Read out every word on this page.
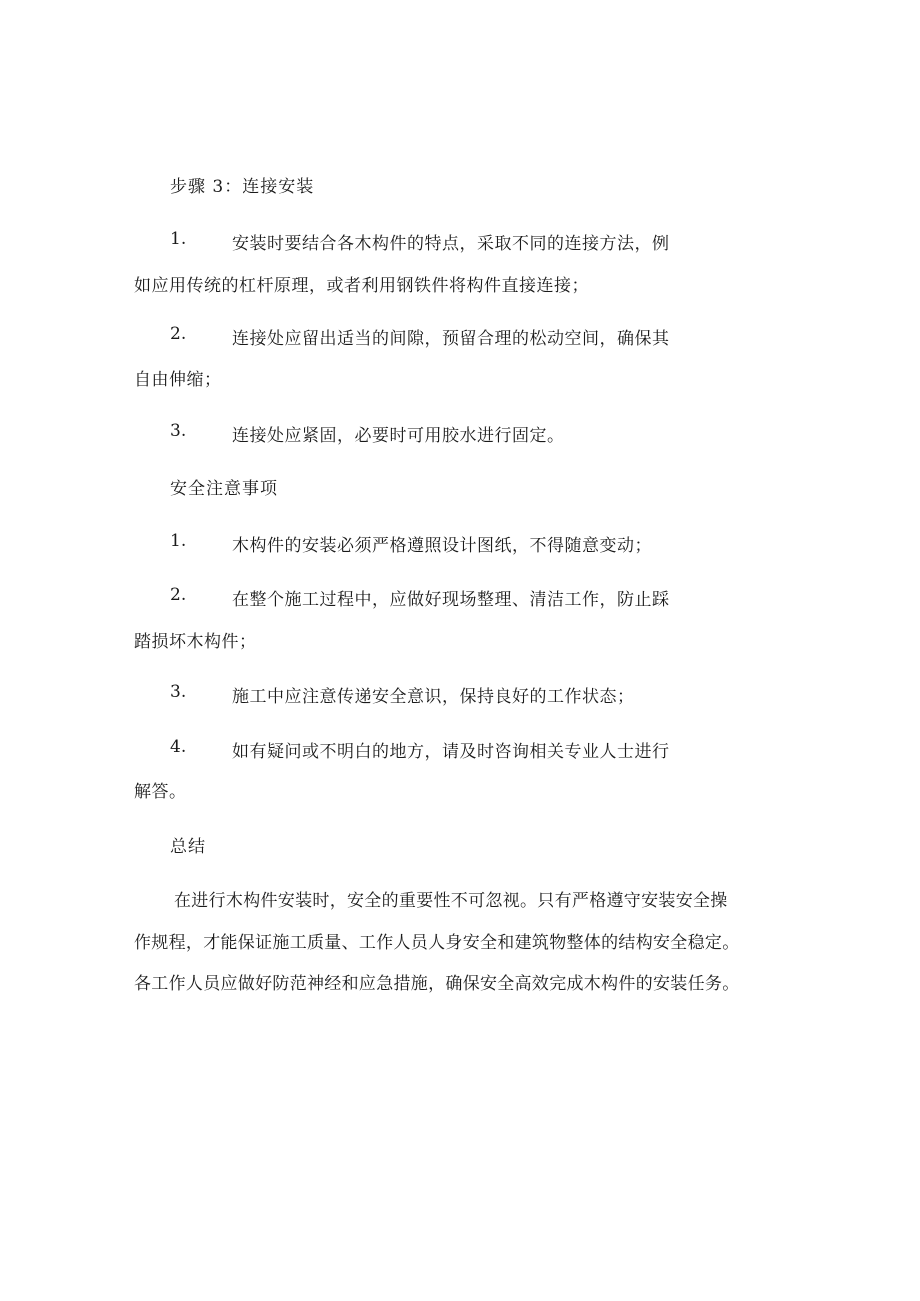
步骤 3：连接安装
1.	安装时要结合各木构件的特点，采取不同的连接方法，例
如应用传统的杠杆原理，或者利用钢铁件将构件直接连接；
2.	连接处应留出适当的间隙，预留合理的松动空间，确保其
自由伸缩；
3.	连接处应紧固，必要时可用胶水进行固定。
安全注意事项
1.	木构件的安装必须严格遵照设计图纸，不得随意变动；
2.	在整个施工过程中，应做好现场整理、清洁工作，防止踩
踏损坏木构件；
3.	施工中应注意传递安全意识，保持良好的工作状态；
4.	如有疑问或不明白的地方，请及时咨询相关专业人士进行
解答。
总结
在进行木构件安装时，安全的重要性不可忽视。只有严格遵守安装安全操
作规程，才能保证施工质量、工作人员人身安全和建筑物整体的结构安全稳定。
各工作人员应做好防范神经和应急措施，确保安全高效完成木构件的安装任务。
